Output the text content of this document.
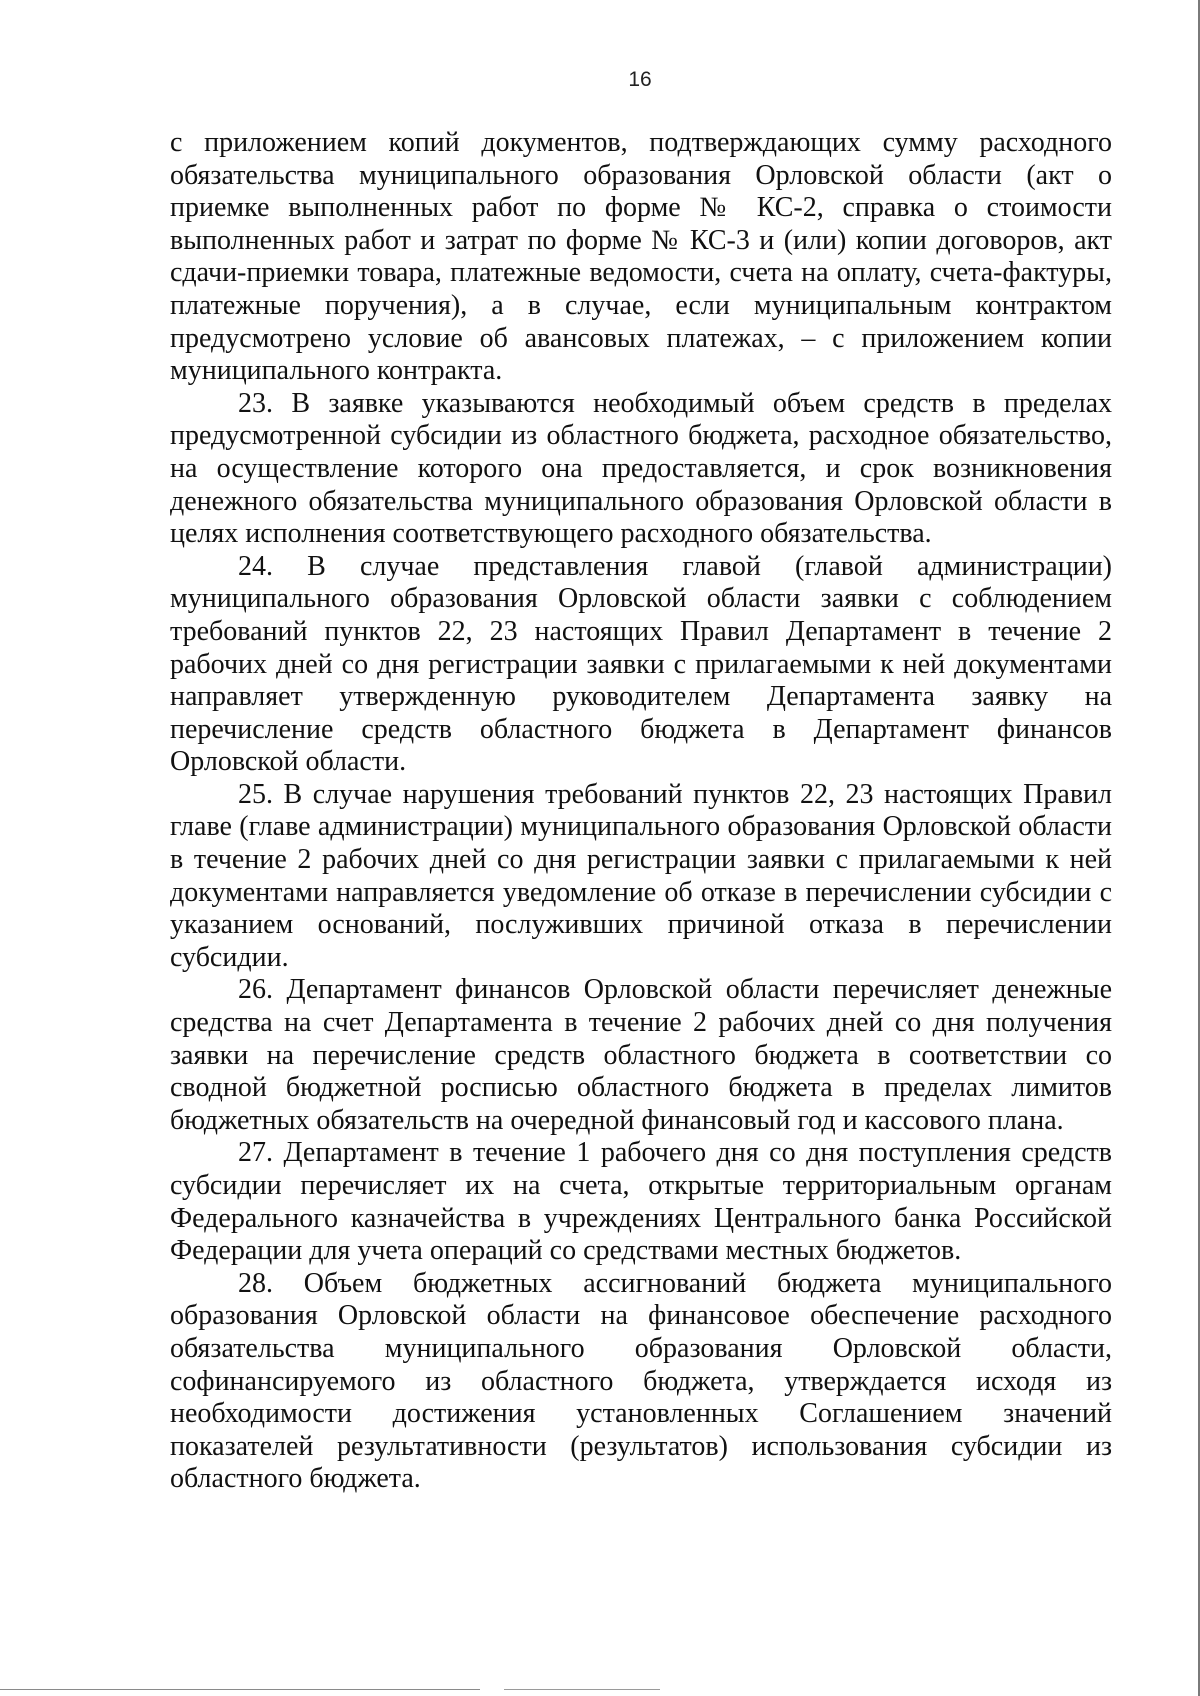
16

с приложением копий документов, подтверждающих сумму расходного обязательства муниципального образования Орловской области (акт о приемке выполненных работ по форме № КС-2, справка о стоимости выполненных работ и затрат по форме № КС-3 и (или) копии договоров, акт сдачи-приемки товара, платежные ведомости, счета на оплату, счета-фактуры, платежные поручения), а в случае, если муниципальным контрактом предусмотрено условие об авансовых платежах, – с приложением копии муниципального контракта.

23. В заявке указываются необходимый объем средств в пределах предусмотренной субсидии из областного бюджета, расходное обязательство, на осуществление которого она предоставляется, и срок возникновения денежного обязательства муниципального образования Орловской области в целях исполнения соответствующего расходного обязательства.

24. В случае представления главой (главой администрации) муниципального образования Орловской области заявки с соблюдением требований пунктов 22, 23 настоящих Правил Департамент в течение 2 рабочих дней со дня регистрации заявки с прилагаемыми к ней документами направляет утвержденную руководителем Департамента заявку на перечисление средств областного бюджета в Департамент финансов Орловской области.

25. В случае нарушения требований пунктов 22, 23 настоящих Правил главе (главе администрации) муниципального образования Орловской области в течение 2 рабочих дней со дня регистрации заявки с прилагаемыми к ней документами направляется уведомление об отказе в перечислении субсидии с указанием оснований, послуживших причиной отказа в перечислении субсидии.

26. Департамент финансов Орловской области перечисляет денежные средства на счет Департамента в течение 2 рабочих дней со дня получения заявки на перечисление средств областного бюджета в соответствии со сводной бюджетной росписью областного бюджета в пределах лимитов бюджетных обязательств на очередной финансовый год и кассового плана.

27. Департамент в течение 1 рабочего дня со дня поступления средств субсидии перечисляет их на счета, открытые территориальным органам Федерального казначейства в учреждениях Центрального банка Российской Федерации для учета операций со средствами местных бюджетов.

28. Объем бюджетных ассигнований бюджета муниципального образования Орловской области на финансовое обеспечение расходного обязательства муниципального образования Орловской области, софинансируемого из областного бюджета, утверждается исходя из необходимости достижения установленных Соглашением значений показателей результативности (результатов) использования субсидии из областного бюджета.
